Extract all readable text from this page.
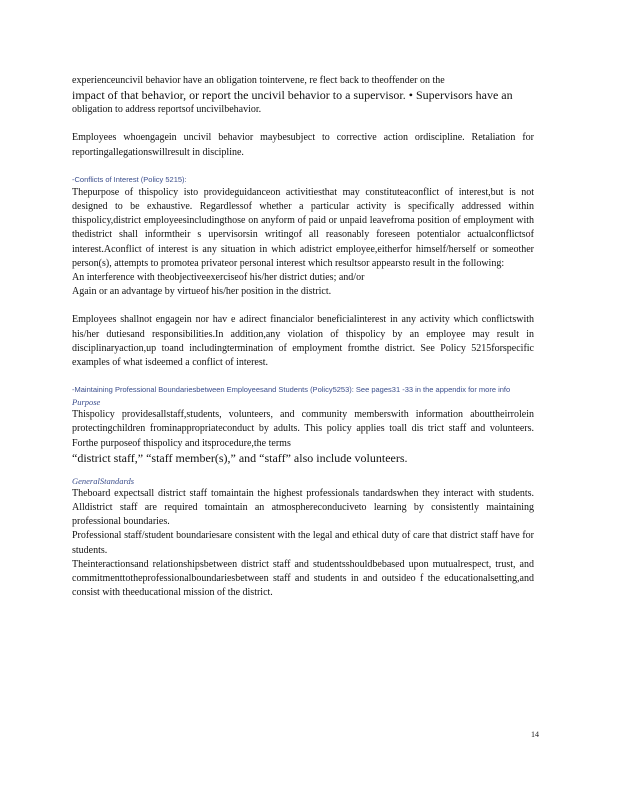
experienceuncivil behavior have an obligation tointervene, re flect back to theoffender on the

impact of that behavior, or report the uncivil behavior to a supervisor. • Supervisors have an

obligation to address reportsof uncivilbehavior.

Employees whoengagein uncivil behavior maybesubject to corrective action ordiscipline. Retaliation for reportingallegationswillresult in discipline.

-Conflicts of Interest (Policy 5215):

Thepurpose of thispolicy isto provideguidanceon activitiesthat may constituteaconflict of interest,but is not designed to be exhaustive. Regardlessof whether a particular activity is specifically addressed within thispolicy,district employeesincludingthose on anyform of paid or unpaid leavefroma position of employment with thedistrict shall informtheir s upervisorsin writingof all reasonably foreseen potentialor actualconflictsof interest.Aconflict of interest is any situation in which adistrict employee,eitherfor himself/herself or someother person(s), attempts to promotea privateor personal interest which resultsor appearsto result in the following:

An interference with theobjectiveexerciseof his/her district duties; and/or

Again or an advantage by virtueof his/her position in the district.

Employees shallnot engagein nor hav e adirect financialor beneficialinterest in any activity which conflictswith his/her dutiesand responsibilities.In addition,any violation of thispolicy by an employee may result in disciplinaryaction,up toand includingtermination of employment fromthe district. See Policy 5215forspecific examples of what isdeemed a conflict of interest.

-Maintaining Professional Boundariesbetween Employeesand Students (Policy5253): See pages31 -33 in the appendix for more info

Purpose

Thispolicy providesallstaff,students, volunteers, and community memberswith information abouttheirrolein protectingchildren frominappropriateconduct by adults. This policy applies toall dis trict staff and volunteers. Forthe purposeof thispolicy and itsprocedure,the terms

“district staff,” “staff member(s),” and “staff” also include volunteers.

GeneralStandards

Theboard expectsall district staff tomaintain the highest professionals tandardswhen they interact with students. Alldistrict staff are required tomaintain an atmosphereconduciveto learning by consistently maintaining professional boundaries.

Professional staff/student boundariesare consistent with the legal and ethical duty of care that district staff have for students.

Theinteractionsand relationshipsbetween district staff and studentsshouldbebased upon mutualrespect, trust, and commitmenttotheprofessionalboundariesbetween staff and students in and outsideo f the educationalsetting,and consist with theeducational mission of the district.

14
